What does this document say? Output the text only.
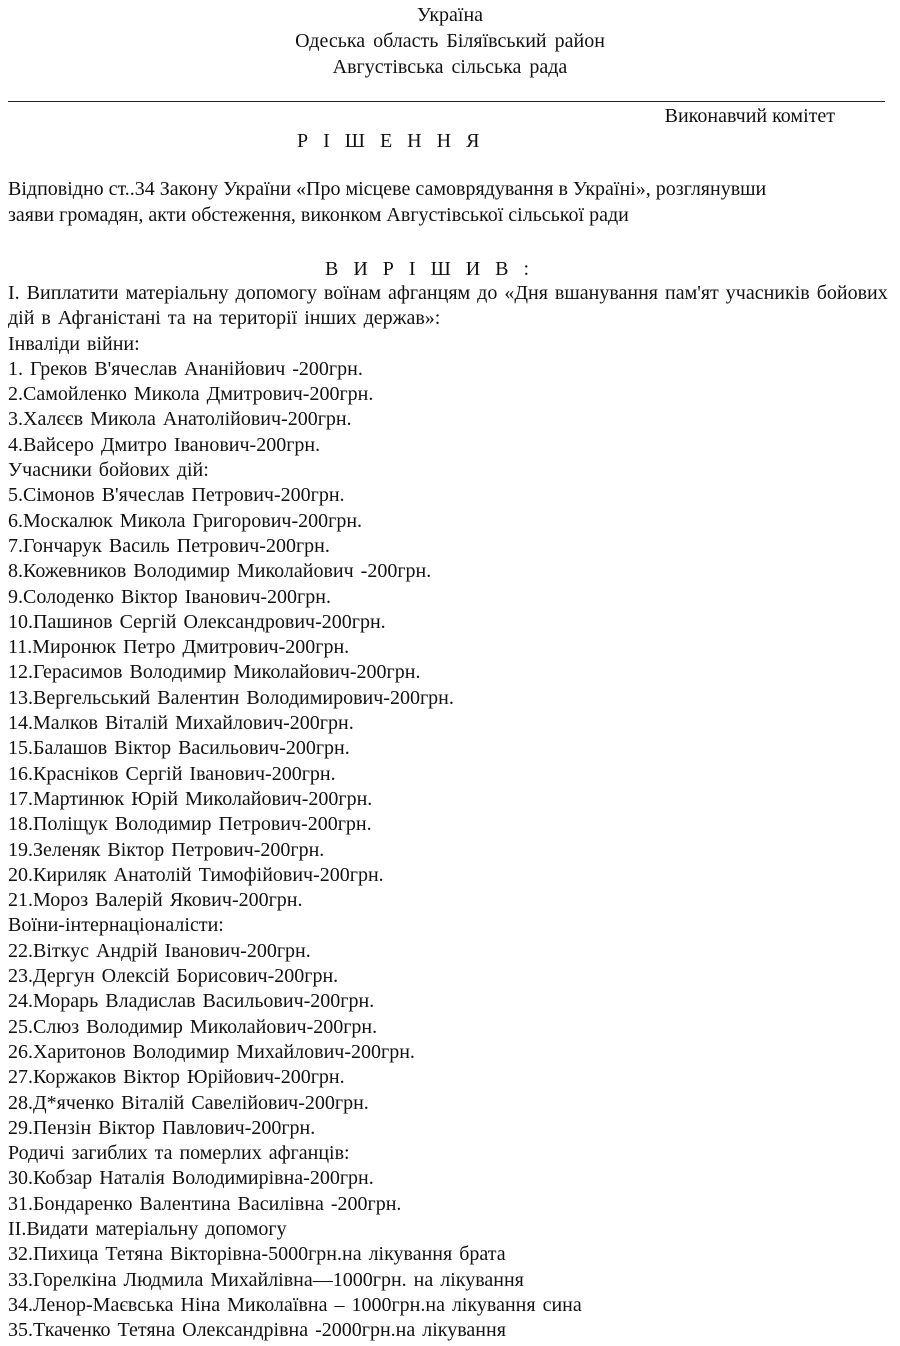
Україна
Одеська область Біляївський район
Августівська сільська рада
Виконавчий комітет
Р І Ш Е Н Н Я
Відповідно ст..34 Закону України «Про місцеве самоврядування в Україні», розглянувши
заяви громадян, акти обстеження, виконком Августівської сільської ради
В И Р І Ш И В :
І. Виплатити матеріальну допомогу воїнам афганцям до «Дня вшанування пам'ят учасників бойових дій в Афганістані та на території інших держав»:
Інваліди війни:
1. Греков В'ячеслав Ананійович -200грн.
2.Самойленко Микола Дмитрович-200грн.
3.Халєєв Микола Анатолійович-200грн.
4.Вайсеро Дмитро Іванович-200грн.
Учасники бойових дій:
5.Сімонов В'ячеслав Петрович-200грн.
6.Москалюк Микола Григорович-200грн.
7.Гончарук Василь Петрович-200грн.
8.Кожевников Володимир Миколайович -200грн.
9.Солоденко Віктор Іванович-200грн.
10.Пашинов Сергій Олександрович-200грн.
11.Миронюк Петро Дмитрович-200грн.
12.Герасимов Володимир Миколайович-200грн.
13.Вергельський Валентин Володимирович-200грн.
14.Малков Віталій Михайлович-200грн.
15.Балашов Віктор Васильович-200грн.
16.Красніков Сергій Іванович-200грн.
17.Мартинюк Юрій Миколайович-200грн.
18.Поліщук Володимир Петрович-200грн.
19.Зеленяк Віктор Петрович-200грн.
20.Кириляк Анатолій Тимофійович-200грн.
21.Мороз Валерій Якович-200грн.
Воїни-інтернаціоналісти:
22.Віткус Андрій Іванович-200грн.
23.Дергун Олексій Борисович-200грн.
24.Морарь Владислав Васильович-200грн.
25.Слюз Володимир Миколайович-200грн.
26.Харитонов Володимир Михайлович-200грн.
27.Коржаков Віктор Юрійович-200грн.
28.Д*яченко Віталій Савелійович-200грн.
29.Пензін Віктор Павлович-200грн.
Родичі загиблих та померлих афганців:
30.Кобзар Наталія Володимирівна-200грн.
31.Бондаренко Валентина Василівна -200грн.
ІІ.Видати матеріальну допомогу
32.Пихица Тетяна Вікторівна-5000грн.на лікування брата
33.Горелкіна Людмила Михайлівна—1000грн. на лікування
34.Ленор-Маєвська Ніна Миколаївна – 1000грн.на лікування сина
35.Ткаченко Тетяна Олександрівна -2000грн.на лікування
